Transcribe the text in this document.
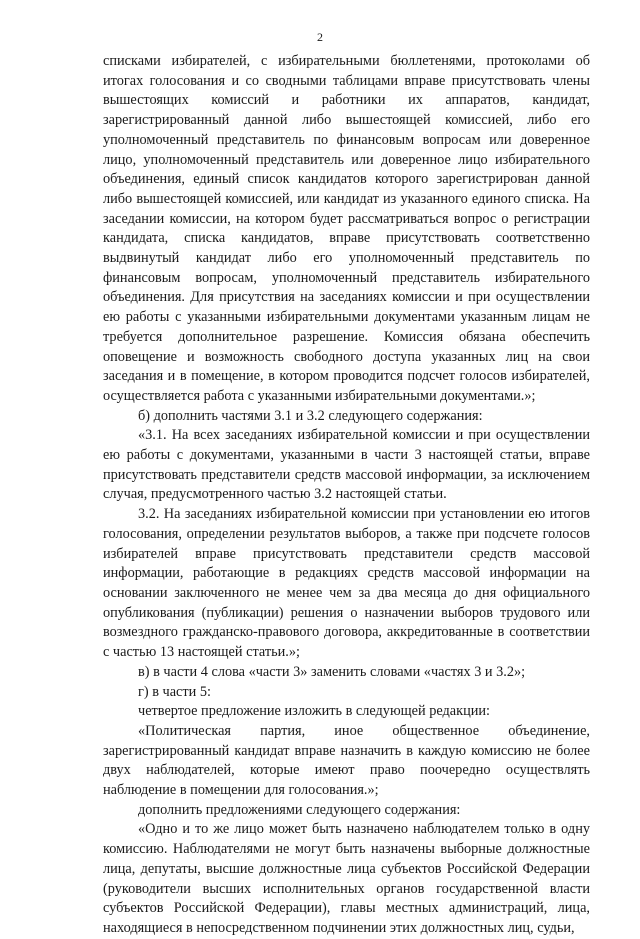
2

списками избирателей, с избирательными бюллетенями, протоколами об итогах голосования и со сводными таблицами вправе присутствовать члены вышестоящих комиссий и работники их аппаратов, кандидат, зарегистрированный данной либо вышестоящей комиссией, либо его уполномоченный представитель по финансовым вопросам или доверенное лицо, уполномоченный представитель или доверенное лицо избирательного объединения, единый список кандидатов которого зарегистрирован данной либо вышестоящей комиссией, или кандидат из указанного единого списка. На заседании комиссии, на котором будет рассматриваться вопрос о регистрации кандидата, списка кандидатов, вправе присутствовать соответственно выдвинутый кандидат либо его уполномоченный представитель по финансовым вопросам, уполномоченный представитель избирательного объединения. Для присутствия на заседаниях комиссии и при осуществлении ею работы с указанными избирательными документами указанным лицам не требуется дополнительное разрешение. Комиссия обязана обеспечить оповещение и возможность свободного доступа указанных лиц на свои заседания и в помещение, в котором проводится подсчет голосов избирателей, осуществляется работа с указанными избирательными документами.»;

б) дополнить частями 3.1 и 3.2 следующего содержания:

«3.1. На всех заседаниях избирательной комиссии и при осуществлении ею работы с документами, указанными в части 3 настоящей статьи, вправе присутствовать представители средств массовой информации, за исключением случая, предусмотренного частью 3.2 настоящей статьи.

3.2. На заседаниях избирательной комиссии при установлении ею итогов голосования, определении результатов выборов, а также при подсчете голосов избирателей вправе присутствовать представители средств массовой информации, работающие в редакциях средств массовой информации на основании заключенного не менее чем за два месяца до дня официального опубликования (публикации) решения о назначении выборов трудового или возмездного гражданско-правового договора, аккредитованные в соответствии с частью 13 настоящей статьи.»;

в) в части 4 слова «части 3» заменить словами «частях 3 и 3.2»;

г) в части 5:

четвертое предложение изложить в следующей редакции:

«Политическая партия, иное общественное объединение, зарегистрированный кандидат вправе назначить в каждую комиссию не более двух наблюдателей, которые имеют право поочередно осуществлять наблюдение в помещении для голосования.»;

дополнить предложениями следующего содержания:

«Одно и то же лицо может быть назначено наблюдателем только в одну комиссию. Наблюдателями не могут быть назначены выборные должностные лица, депутаты, высшие должностные лица субъектов Российской Федерации (руководители высших исполнительных органов государственной власти субъектов Российской Федерации), главы местных администраций, лица, находящиеся в непосредственном подчинении этих должностных лиц, судьи,
